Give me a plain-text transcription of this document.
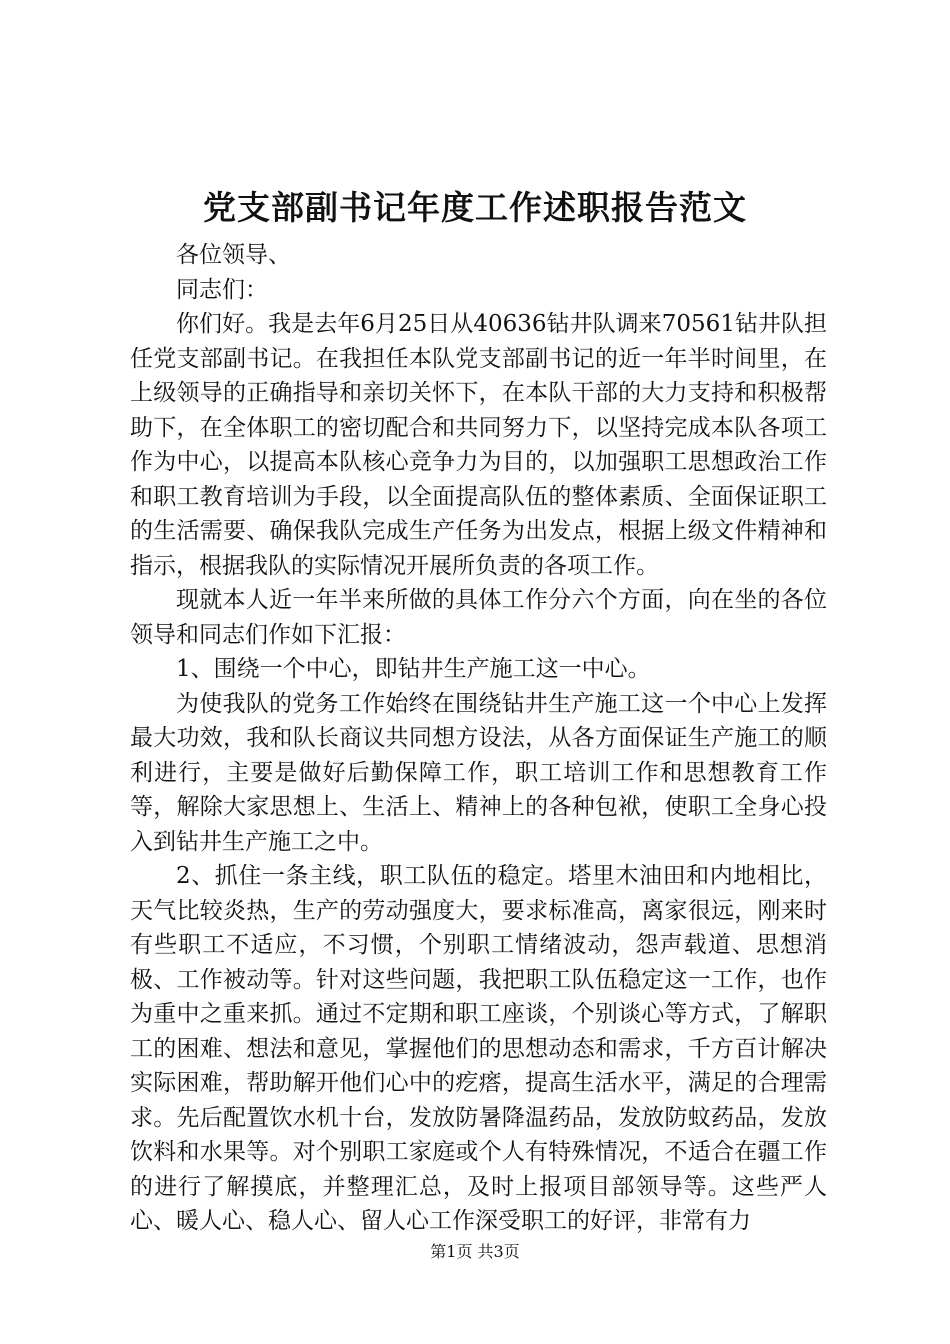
党支部副书记年度工作述职报告范文

各位领导、

同志们：

你们好。我是去年6月25日从40636钻井队调来70561钻井队担任党支部副书记。在我担任本队党支部副书记的近一年半时间里，在上级领导的正确指导和亲切关怀下，在本队干部的大力支持和积极帮助下，在全体职工的密切配合和共同努力下，以坚持完成本队各项工作为中心，以提高本队核心竞争力为目的，以加强职工思想政治工作和职工教育培训为手段，以全面提高队伍的整体素质、全面保证职工的生活需要、确保我队完成生产任务为出发点，根据上级文件精神和指示，根据我队的实际情况开展所负责的各项工作。

现就本人近一年半来所做的具体工作分六个方面，向在坐的各位领导和同志们作如下汇报：

1、围绕一个中心，即钻井生产施工这一中心。

为使我队的党务工作始终在围绕钻井生产施工这一个中心上发挥最大功效，我和队长商议共同想方设法，从各方面保证生产施工的顺利进行，主要是做好后勤保障工作，职工培训工作和思想教育工作等，解除大家思想上、生活上、精神上的各种包袱，使职工全身心投入到钻井生产施工之中。

2、抓住一条主线，职工队伍的稳定。塔里木油田和内地相比，天气比较炎热，生产的劳动强度大，要求标准高，离家很远，刚来时有些职工不适应，不习惯，个别职工情绪波动，怨声载道、思想消极、工作被动等。针对这些问题，我把职工队伍稳定这一工作，也作为重中之重来抓。通过不定期和职工座谈，个别谈心等方式，了解职工的困难、想法和意见，掌握他们的思想动态和需求，千方百计解决实际困难，帮助解开他们心中的疙瘩，提高生活水平，满足的合理需求。先后配置饮水机十台，发放防暑降温药品，发放防蚊药品，发放饮料和水果等。对个别职工家庭或个人有特殊情况，不适合在疆工作的进行了解摸底，并整理汇总，及时上报项目部领导等。这些严人心、暖人心、稳人心、留人心工作深受职工的好评，非常有力

第1页 共3页
